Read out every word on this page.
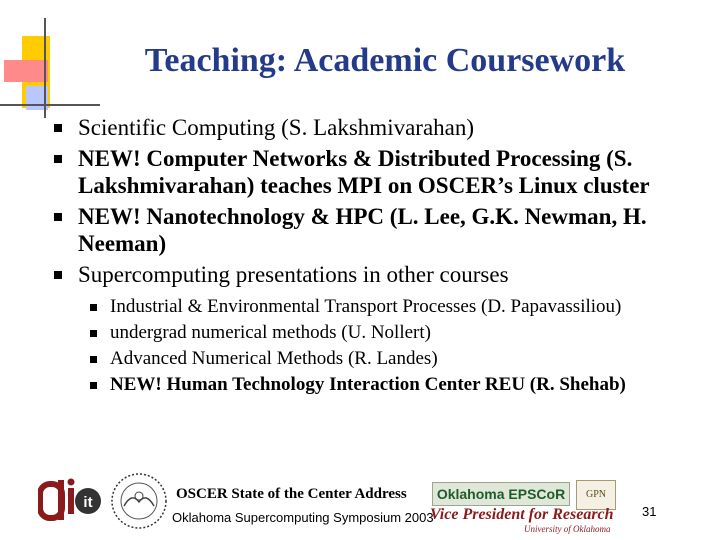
Teaching: Academic Coursework
Scientific Computing (S. Lakshmivarahan)
NEW! Computer Networks & Distributed Processing (S. Lakshmivarahan) teaches MPI on OSCER’s Linux cluster
NEW! Nanotechnology & HPC (L. Lee, G.K. Newman, H. Neeman)
Supercomputing presentations in other courses
Industrial & Environmental Transport Processes (D. Papavassiliou)
undergrad numerical methods (U. Nollert)
Advanced Numerical Methods (R. Landes)
NEW! Human Technology Interaction Center REU (R. Shehab)
it	OSCER State of the Center Address
Oklahoma Supercomputing Symposium 2003
Oklahoma EPSCoR	GPN
Vice President for Research
University of Oklahoma
31
